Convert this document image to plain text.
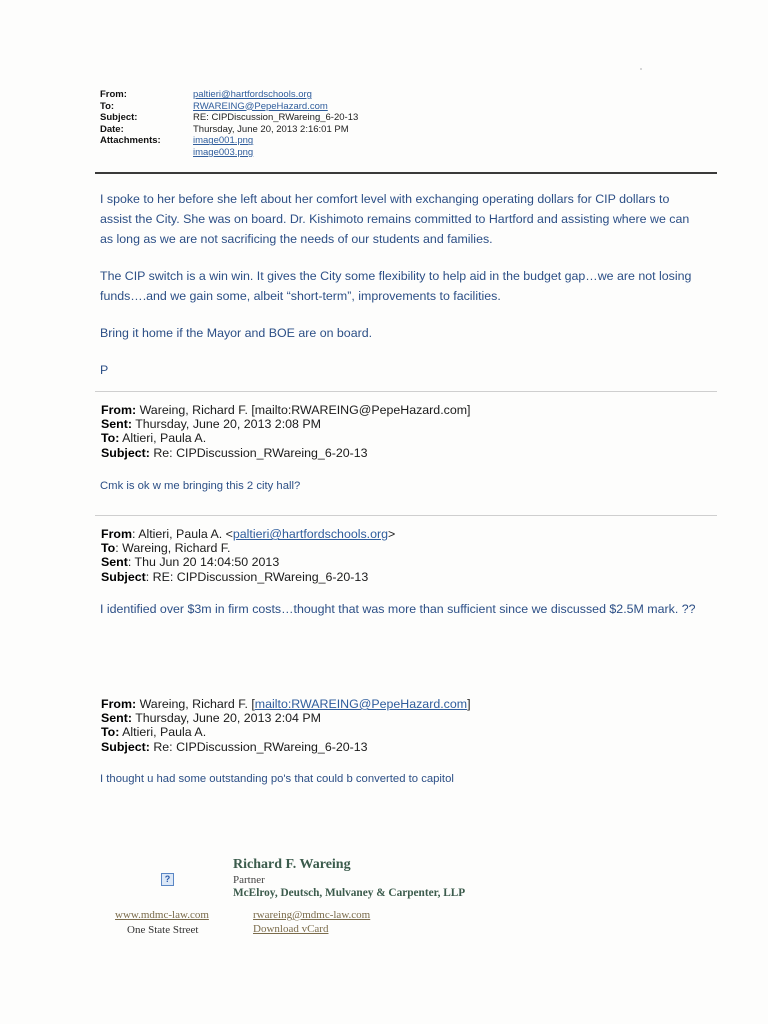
From:	paltieri@hartfordschools.org
To:	RWAREING@PepeHazard.com
Subject:	RE: CIPDiscussion_RWareing_6-20-13
Date:	Thursday, June 20, 2013 2:16:01 PM
Attachments:	image001.png
image003.png
I spoke to her before she left about her comfort level with exchanging operating dollars for CIP dollars to assist the City. She was on board. Dr. Kishimoto remains committed to Hartford and assisting where we can as long as we are not sacrificing the needs of our students and families.
The CIP switch is a win win. It gives the City some flexibility to help aid in the budget gap…we are not losing funds….and we gain some, albeit “short-term”, improvements to facilities.
Bring it home if the Mayor and BOE are on board.
P
From: Wareing, Richard F. [mailto:RWAREING@PepeHazard.com]
Sent: Thursday, June 20, 2013 2:08 PM
To: Altieri, Paula A.
Subject: Re: CIPDiscussion_RWareing_6-20-13
Cmk is ok w me bringing this 2 city hall?
From: Altieri, Paula A. <paltieri@hartfordschools.org>
To: Wareing, Richard F.
Sent: Thu Jun 20 14:04:50 2013
Subject: RE: CIPDiscussion_RWareing_6-20-13
I identified over $3m in firm costs…thought that was more than sufficient since we discussed $2.5M mark. ??
From: Wareing, Richard F. [mailto:RWAREING@PepeHazard.com]
Sent: Thursday, June 20, 2013 2:04 PM
To: Altieri, Paula A.
Subject: Re: CIPDiscussion_RWareing_6-20-13
I thought u had some outstanding po's that could b converted to capitol
?
Richard F. Wareing
Partner
McElroy, Deutsch, Mulvaney & Carpenter, LLP
www.mdmc-law.com
One State Street
rwareing@mdmc-law.com
Download vCard
